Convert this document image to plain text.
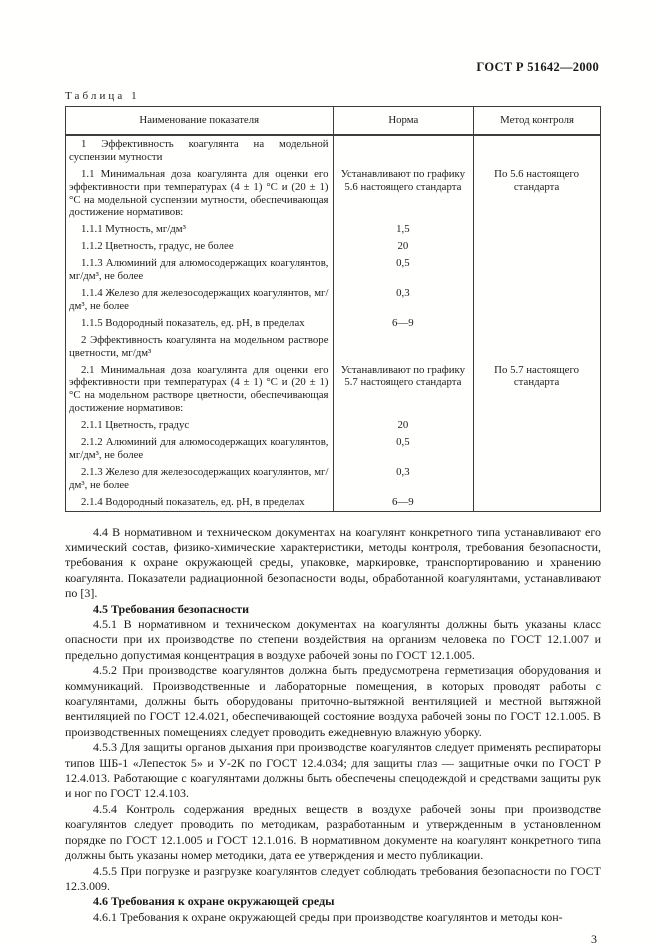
ГОСТ Р 51642—2000
Таблица 1
Наименование показателя	Норма	Метод контроля
1 Эффективность коагулянта на модельной суспензии мутности		
1.1 Минимальная доза коагулянта для оценки его эффективности при температурах (4 ± 1) °С и (20 ± 1) °С на модельной суспензии мутности, обеспечивающая достижение нормативов:	Устанавливают по графику 5.6 настоящего стандарта	По 5.6 настоящего стандарта
1.1.1 Мутность, мг/дм³	1,5	
1.1.2 Цветность, градус, не более	20	
1.1.3 Алюминий для алюмосодержащих коагулянтов, мг/дм³, не более	0,5	
1.1.4 Железо для железосодержащих коагулянтов, мг/дм³, не более	0,3	
1.1.5 Водородный показатель, ед. pH, в пределах	6—9	
2 Эффективность коагулянта на модельном растворе цветности, мг/дм³		
2.1 Минимальная доза коагулянта для оценки его эффективности при температурах (4 ± 1) °С и (20 ± 1) °С на модельном растворе цветности, обеспечивающая достижение нормативов:	Устанавливают по графику 5.7 настоящего стандарта	По 5.7 настоящего стандарта
2.1.1 Цветность, градус	20	
2.1.2 Алюминий для алюмосодержащих коагулянтов, мг/дм³, не более	0,5	
2.1.3 Железо для железосодержащих коагулянтов, мг/дм³, не более	0,3	
2.1.4 Водородный показатель, ед. pH, в пределах	6—9	

4.4 В нормативном и техническом документах на коагулянт конкретного типа устанавливают его химический состав, физико-химические характеристики, методы контроля, требования безопасности, требования к охране окружающей среды, упаковке, маркировке, транспортированию и хранению коагулянта. Показатели радиационной безопасности воды, обработанной коагулянтами, устанавливают по [3].

4.5 Требования безопасности

4.5.1 В нормативном и техническом документах на коагулянты должны быть указаны класс опасности при их производстве по степени воздействия на организм человека по ГОСТ 12.1.007 и предельно допустимая концентрация в воздухе рабочей зоны по ГОСТ 12.1.005.

4.5.2 При производстве коагулянтов должна быть предусмотрена герметизация оборудования и коммуникаций. Производственные и лабораторные помещения, в которых проводят работы с коагулянтами, должны быть оборудованы приточно-вытяжной вентиляцией и местной вытяжной вентиляцией по ГОСТ 12.4.021, обеспечивающей состояние воздуха рабочей зоны по ГОСТ 12.1.005. В производственных помещениях следует проводить ежедневную влажную уборку.

4.5.3 Для защиты органов дыхания при производстве коагулянтов следует применять респираторы типов ШБ-1 «Лепесток 5» и У-2К по ГОСТ 12.4.034; для защиты глаз — защитные очки по ГОСТ Р 12.4.013. Работающие с коагулянтами должны быть обеспечены спецодеждой и средствами защиты рук и ног по ГОСТ 12.4.103.

4.5.4 Контроль содержания вредных веществ в воздухе рабочей зоны при производстве коагулянтов следует проводить по методикам, разработанным и утвержденным в установленном порядке по ГОСТ 12.1.005 и ГОСТ 12.1.016. В нормативном документе на коагулянт конкретного типа должны быть указаны номер методики, дата ее утверждения и место публикации.

4.5.5 При погрузке и разгрузке коагулянтов следует соблюдать требования безопасности по ГОСТ 12.3.009.

4.6 Требования к охране окружающей среды

4.6.1 Требования к охране окружающей среды при производстве коагулянтов и методы кон-

3
